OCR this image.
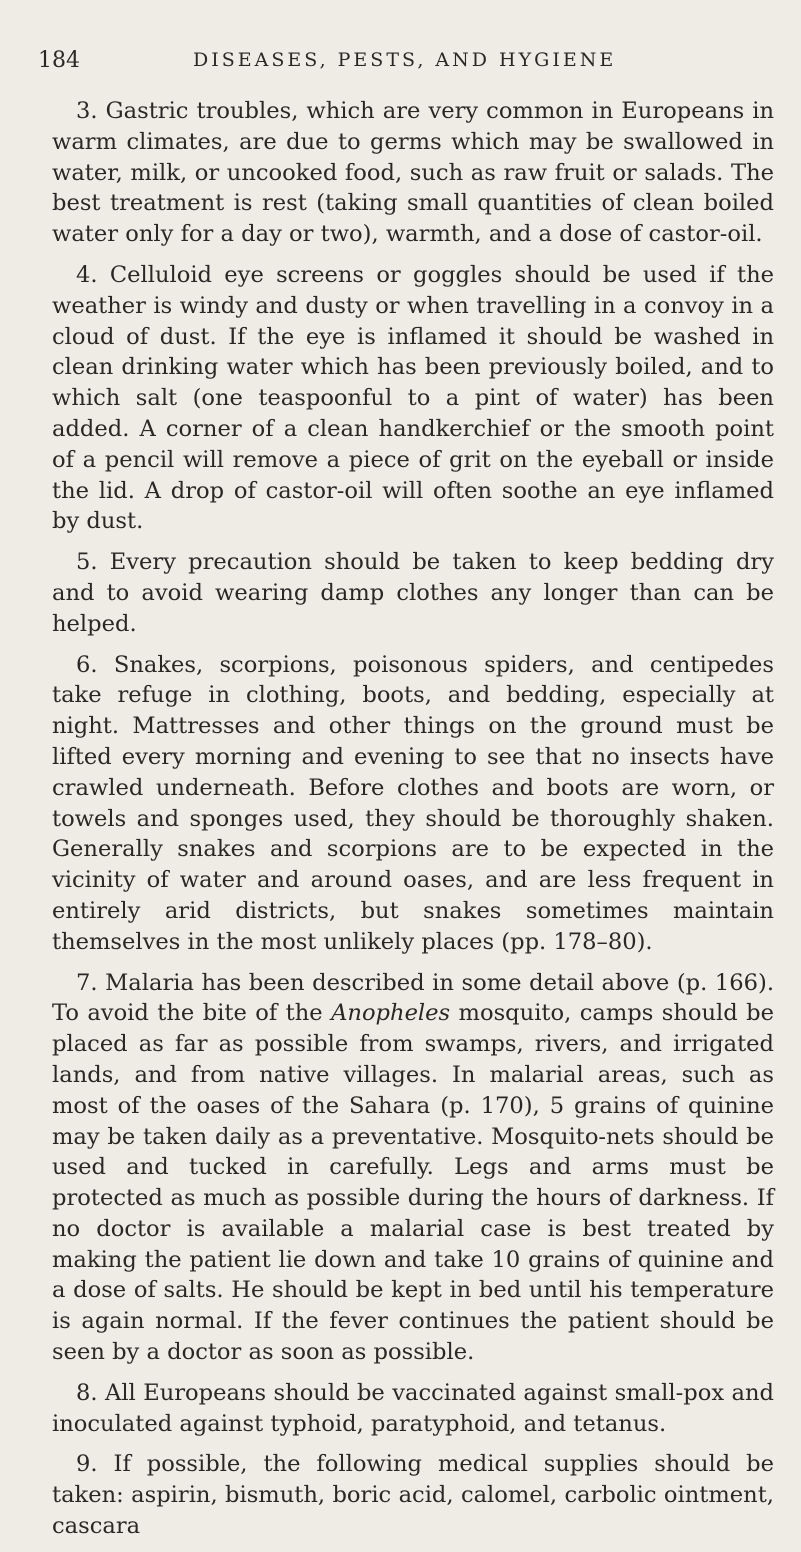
184	DISEASES, PESTS, AND HYGIENE

3. Gastric troubles, which are very common in Europeans in warm climates, are due to germs which may be swallowed in water, milk, or uncooked food, such as raw fruit or salads. The best treatment is rest (taking small quantities of clean boiled water only for a day or two), warmth, and a dose of castor-oil.

4. Celluloid eye screens or goggles should be used if the weather is windy and dusty or when travelling in a convoy in a cloud of dust. If the eye is inflamed it should be washed in clean drinking water which has been previously boiled, and to which salt (one teaspoonful to a pint of water) has been added. A corner of a clean handkerchief or the smooth point of a pencil will remove a piece of grit on the eyeball or inside the lid. A drop of castor-oil will often soothe an eye inflamed by dust.

5. Every precaution should be taken to keep bedding dry and to avoid wearing damp clothes any longer than can be helped.

6. Snakes, scorpions, poisonous spiders, and centipedes take refuge in clothing, boots, and bedding, especially at night. Mattresses and other things on the ground must be lifted every morning and evening to see that no insects have crawled underneath. Before clothes and boots are worn, or towels and sponges used, they should be thoroughly shaken. Generally snakes and scorpions are to be expected in the vicinity of water and around oases, and are less frequent in entirely arid districts, but snakes sometimes maintain themselves in the most unlikely places (pp. 178–80).

7. Malaria has been described in some detail above (p. 166). To avoid the bite of the Anopheles mosquito, camps should be placed as far as possible from swamps, rivers, and irrigated lands, and from native villages. In malarial areas, such as most of the oases of the Sahara (p. 170), 5 grains of quinine may be taken daily as a preventative. Mosquito-nets should be used and tucked in carefully. Legs and arms must be protected as much as possible during the hours of darkness. If no doctor is available a malarial case is best treated by making the patient lie down and take 10 grains of quinine and a dose of salts. He should be kept in bed until his temperature is again normal. If the fever continues the patient should be seen by a doctor as soon as possible.

8. All Europeans should be vaccinated against small-pox and inoculated against typhoid, paratyphoid, and tetanus.

9. If possible, the following medical supplies should be taken: aspirin, bismuth, boric acid, calomel, carbolic ointment, cascara
